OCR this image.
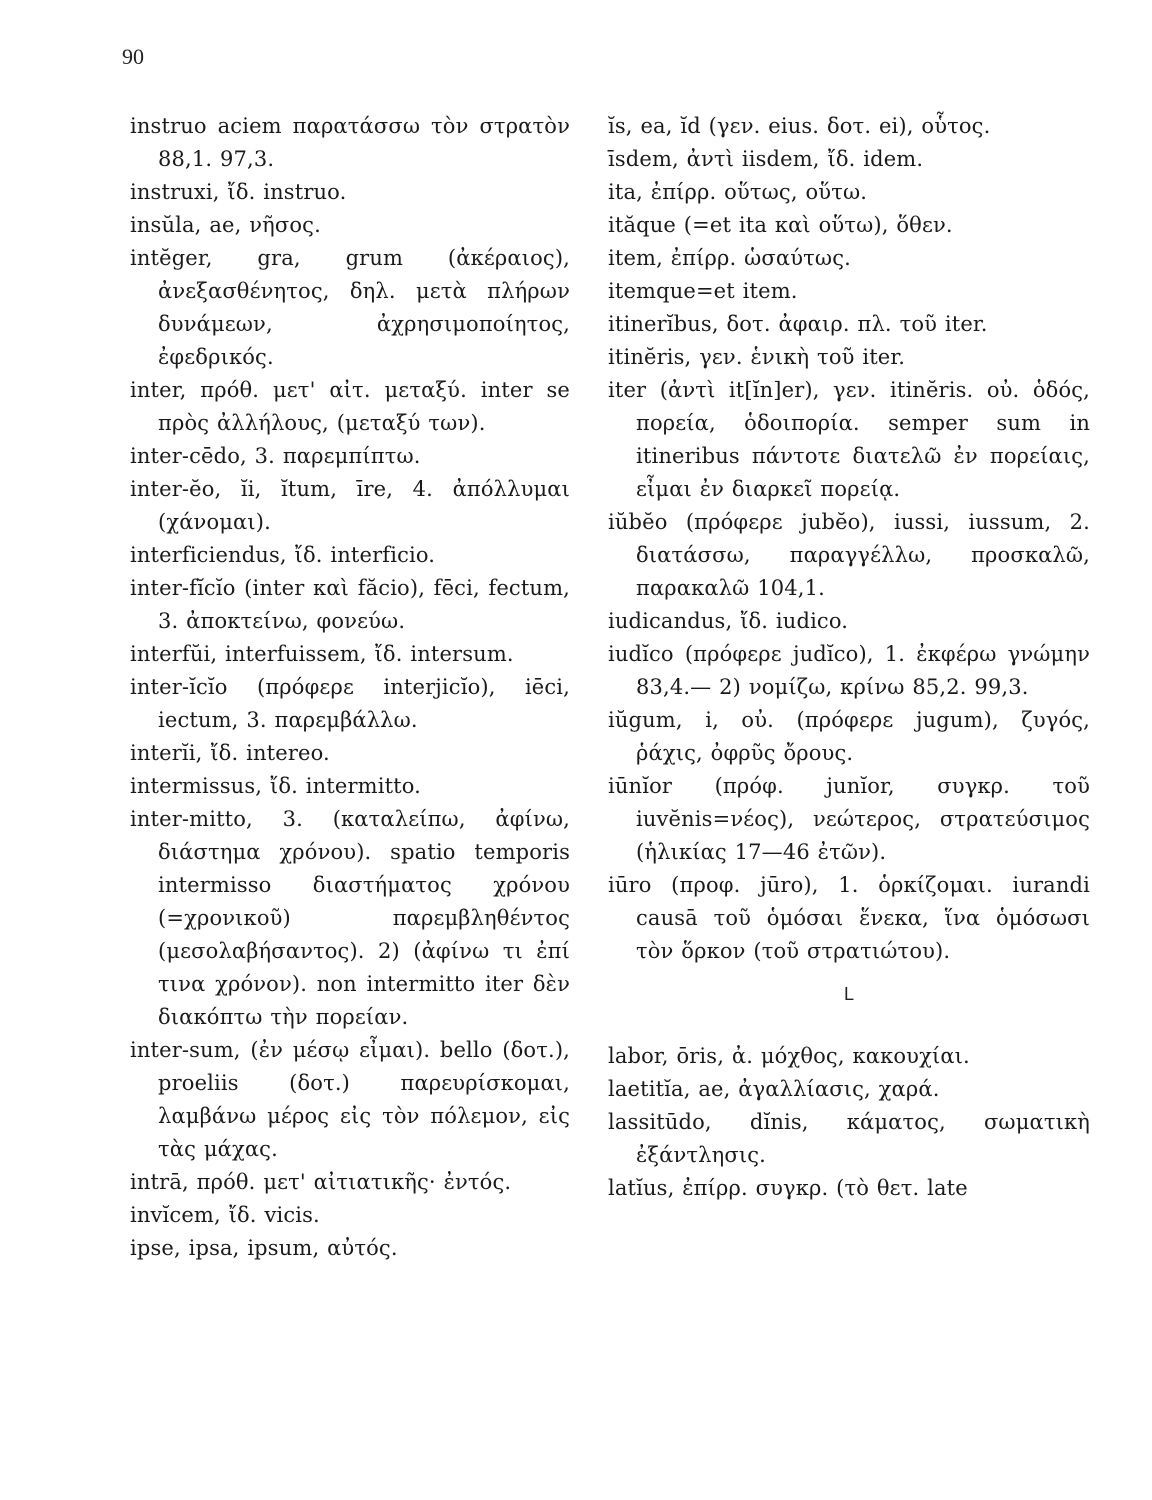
90
instruo aciem παρατάσσω τὸν στρατὸν 88,1. 97,3.
instruxi, ἴδ. instruo.
insŭla, ae, νῆσος.
intĕger, gra, grum (ἀκέραιος), ἀνεξασθένητος, δηλ. μετὰ πλήρων δυνάμεων, ἀχρησιμοποίητος, ἐφεδρικός.
inter, πρόθ. μετ' αἰτ. μεταξύ. inter se πρὸς ἀλλήλους, (μεταξύ των).
inter-cēdo, 3. παρεμπίπτω.
inter-ĕo, ĭi, ĭtum, īre, 4. ἀπόλλυμαι (χάνομαι).
interficiendus, ἴδ. interficio.
inter-fĭcĭo (inter καὶ făcio), fēci, fectum, 3. ἀποκτείνω, φονεύω.
interfŭi, interfuissem, ἴδ. intersum.
inter-ĭcĭo (πρόφερε interjicĭo), iēci, iectum, 3. παρεμβάλλω.
interĭi, ἴδ. intereo.
intermissus, ἴδ. intermitto.
inter-mitto, 3. (καταλείπω, ἀφίνω, διάστημα χρόνου). spatio temporis intermisso διαστήματος χρόνου (=χρονικοῦ) παρεμβληθέντος (μεσολαβήσαντος). 2) (ἀφίνω τι ἐπί τινα χρόνον). non intermitto iter δὲν διακόπτω τὴν πορείαν.
inter-sum, (ἐν μέσῳ εἶμαι). bello (δοτ.), proeliis (δοτ.) παρευρίσκομαι, λαμβάνω μέρος εἰς τὸν πόλεμον, εἰς τὰς μάχας.
intrā, πρόθ. μετ' αἰτιατικῆς· ἐντός.
invĭcem, ἴδ. vicis.
ipse, ipsa, ipsum, αὐτός.
ĭs, ea, ĭd (γεν. eius. δοτ. ei), οὗτος.
īsdem, ἀντὶ iisdem, ἴδ. idem.
ita, ἐπίρρ. οὕτως, οὕτω.
ităque (=et ita καὶ οὕτω), ὅθεν.
item, ἐπίρρ. ὡσαύτως.
itemque=et item.
itinerĭbus, δοτ. ἀφαιρ. πλ. τοῦ iter.
itinĕris, γεν. ἑνικὴ τοῦ iter.
iter (ἀντὶ it[ĭn]er), γεν. itinĕris. οὐ. ὁδός, πορεία, ὁδοιπορία. semper sum in itineribus πάντοτε διατελῶ ἐν πορείαις, εἶμαι ἐν διαρκεῖ πορείᾳ.
iŭbĕo (πρόφερε jubĕo), iussi, iussum, 2. διατάσσω, παραγγέλλω, προσκαλῶ, παρακαλῶ 104,1.
iudicandus, ἴδ. iudico.
iudĭco (πρόφερε judĭco), 1. ἐκφέρω γνώμην 83,4.— 2) νομίζω, κρίνω 85,2. 99,3.
iŭgum, i, οὐ. (πρόφερε jugum), ζυγός, ῥάχις, ὀφρῦς ὄρους.
iūnĭor (πρόφ. junĭor, συγκρ. τοῦ iuvĕnis=νέος), νεώτερος, στρατεύσιμος (ἡλικίας 17—46 ἐτῶν).
iūro (προφ. jūro), 1. ὁρκίζομαι. iurandi causā τοῦ ὁμόσαι ἕνεκα, ἵνα ὁμόσωσι τὸν ὅρκον (τοῦ στρατιώτου).
L
labor, ōris, ἀ. μόχθος, κακουχίαι.
laetitĭa, ae, ἀγαλλίασις, χαρά.
lassitūdo, dĭnis, κάματος, σωματικὴ ἐξάντλησις.
latĭus, ἐπίρρ. συγκρ. (τὸ θετ. late
